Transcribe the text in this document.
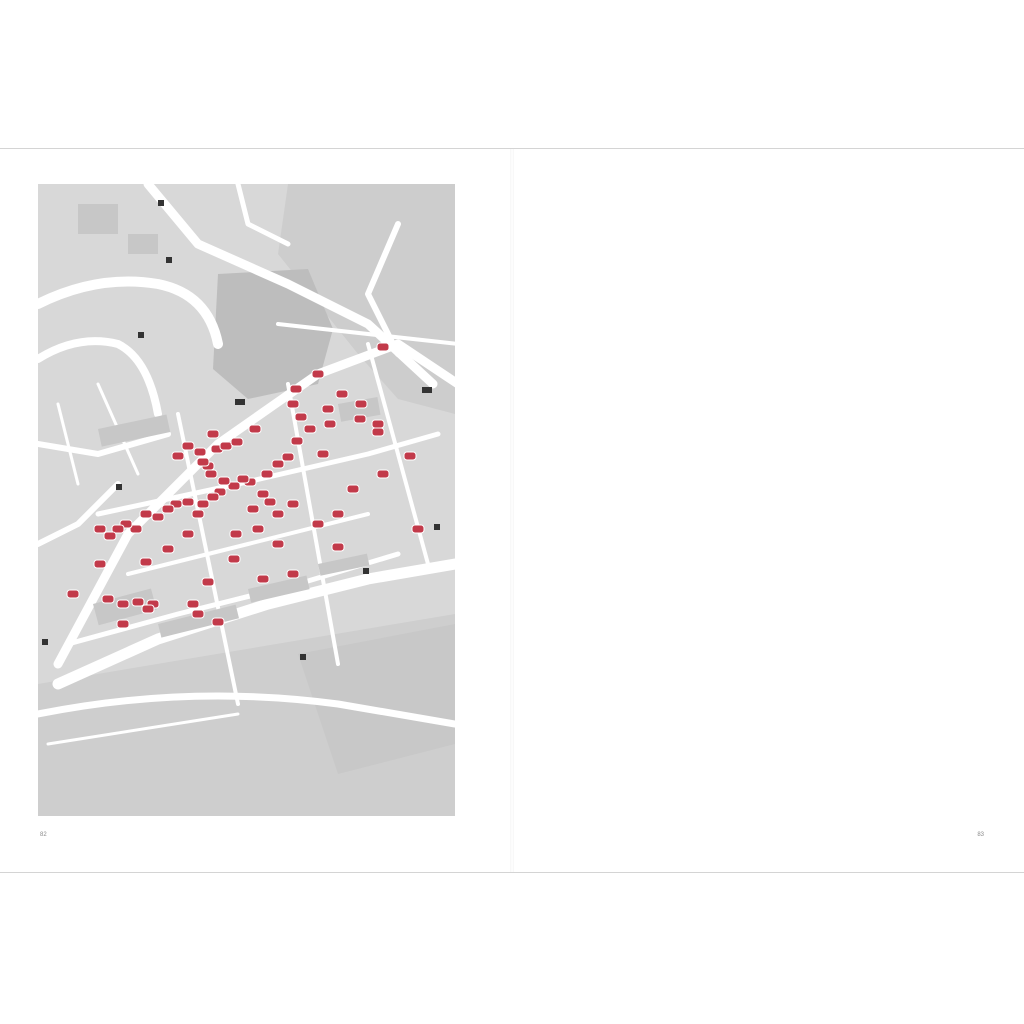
82	83
